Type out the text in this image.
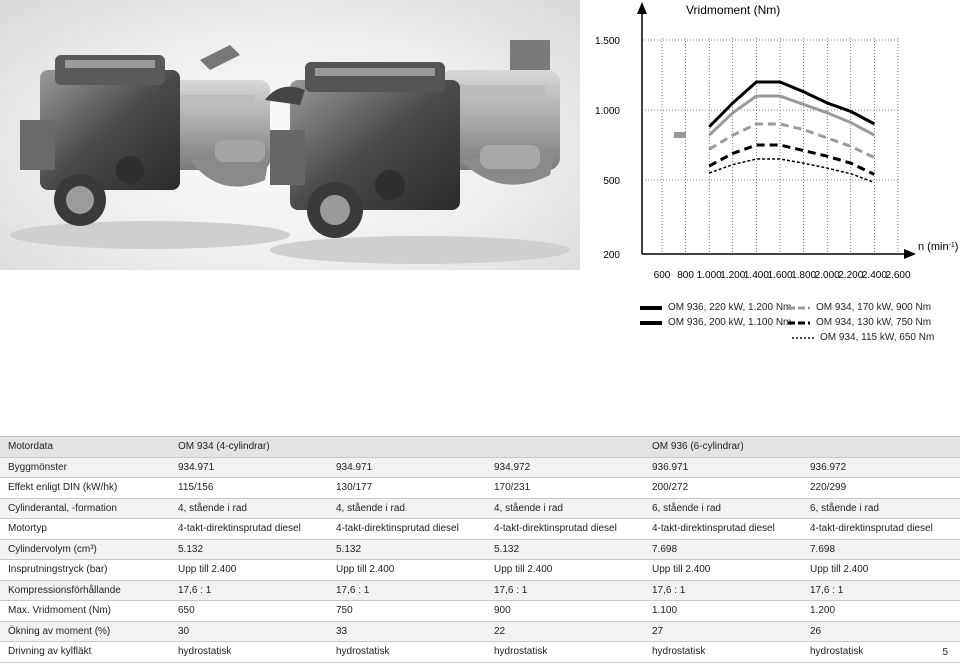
Vridmoment (Nm)
n $(\min^{-1})$
600 800 1.000
1.200
1.400
1.600
1.800
2.000
2.200
2.400
2.600
200
500
1.000
1.500
OM 936, 220 kW, 1.200 Nm OM 934, 170 kW, 900 Nm
OM 936, 200 kW, 1.100 Nm OM 934, 130 kW, 750 Nm
OM 934, 115 kW, 650 Nm
Motordata	OM 934 (4-cylindrar)			OM 936 (6-cylindrar)	
Byggmönster	934.971	934.971	934.972	936.971	936.972
Effekt enligt DIN (kW/hk)	115/156	130/177	170/231	200/272	220/299
Cylinderantal, -formation	4, stående i rad	4, stående i rad	4, stående i rad	6, stående i rad	6, stående i rad
Motortyp	4-takt-direktinsprutad diesel	4-takt-direktinsprutad diesel	4-takt-direktinsprutad diesel	4-takt-direktinsprutad diesel	4-takt-direktinsprutad diesel
Cylindervolym (cm³)	5.132	5.132	5.132	7.698	7.698
Insprutningstryck (bar)	Upp till 2.400	Upp till 2.400	Upp till 2.400	Upp till 2.400	Upp till 2.400
Kompressionsförhållande	17,6 : 1	17,6 : 1	17,6 : 1	17,6 : 1	17,6 : 1
Max. Vridmoment (Nm)	650	750	900	1.100	1.200
Ökning av moment (%)	30	33	22	27	26
Drivning av kylfläkt	hydrostatisk	hydrostatisk	hydrostatisk	hydrostatisk	hydrostatisk	5
